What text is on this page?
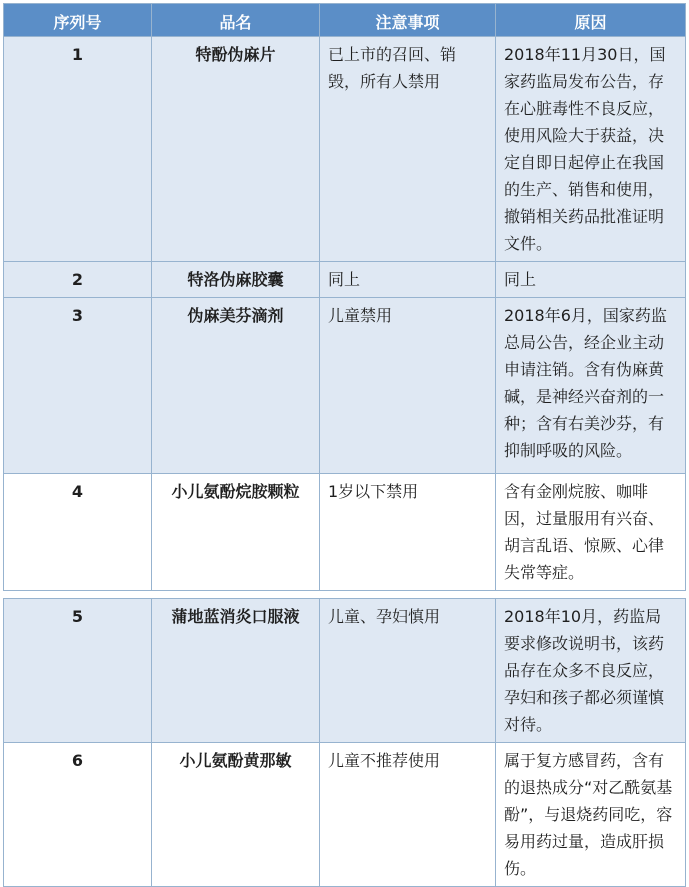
序列号	品名	注意事项	原因
1	特酚伪麻片	已上市的召回、销毁，所有人禁用	2018年11月30日，国家药监局发布公告，存在心脏毒性不良反应，使用风险大于获益，决定自即日起停止在我国的生产、销售和使用，撤销相关药品批准证明文件。
2	特洛伪麻胶囊	同上	同上
3	伪麻美芬滴剂	儿童禁用	2018年6月，国家药监总局公告，经企业主动申请注销。含有伪麻黄碱，是神经兴奋剂的一种；含有右美沙芬，有抑制呼吸的风险。
4	小儿氨酚烷胺颗粒	1岁以下禁用	含有金刚烷胺、咖啡因，过量服用有兴奋、胡言乱语、惊厥、心律失常等症。

5	蒲地蓝消炎口服液	儿童、孕妇慎用	2018年10月，药监局要求修改说明书，该药品存在众多不良反应，孕妇和孩子都必须谨慎对待。
6	小儿氨酚黄那敏	儿童不推荐使用	属于复方感冒药，含有的退热成分“对乙酰氨基酚”，与退烧药同吃，容易用药过量，造成肝损伤。
